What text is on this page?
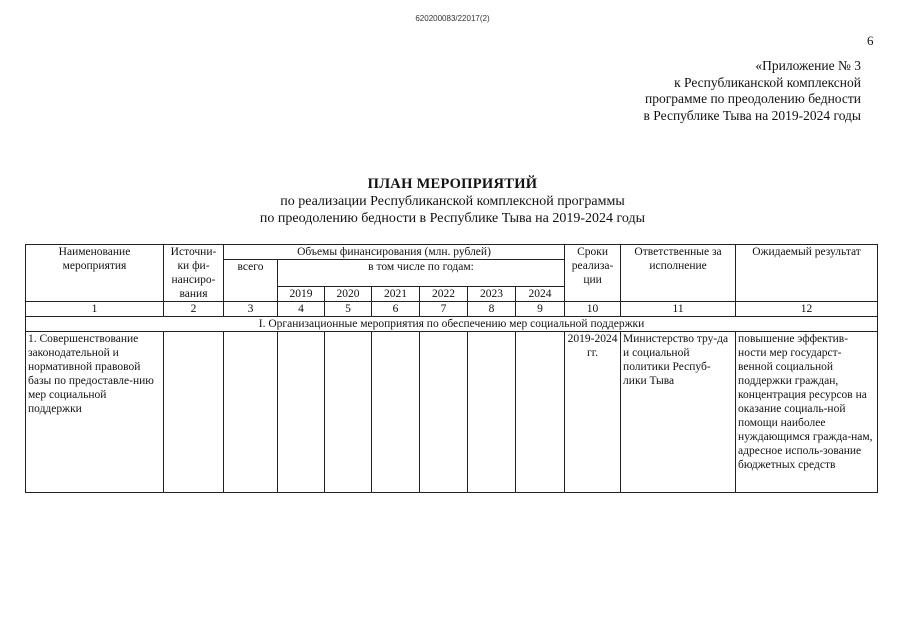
620200083/22017(2)
6
«Приложение № 3
к Республиканской комплексной
программе по преодолению бедности
в Республике Тыва на 2019-2024 годы
ПЛАН МЕРОПРИЯТИЙ
по реализации Республиканской комплексной программы
по преодолению бедности в Республике Тыва на 2019-2024 годы
Наименование мероприятия	Источни-ки фи-нансиро-вания	Объемы финансирования (млн. рублей)							Сроки реализа-ции	Ответственные за исполнение	Ожидаемый результат
		всего	в том числе по годам:								
			2019	2020	2021	2022	2023	2024			
1	2	3	4	5	6	7	8	9	10	11	12
I. Организационные мероприятия по обеспечению мер социальной поддержки											
1. Совершенствование законодательной и нормативной правовой базы по предоставле-нию мер социальной поддержки									2019-2024 гг.	Министерство тру-да и социальной политики Респуб-лики Тыва	повышение эффектив-ности мер государст-венной социальной поддержки граждан, концентрация ресурсов на оказание социаль-ной помощи наиболее нуждающимся гражда-нам, адресное исполь-зование бюджетных средств
